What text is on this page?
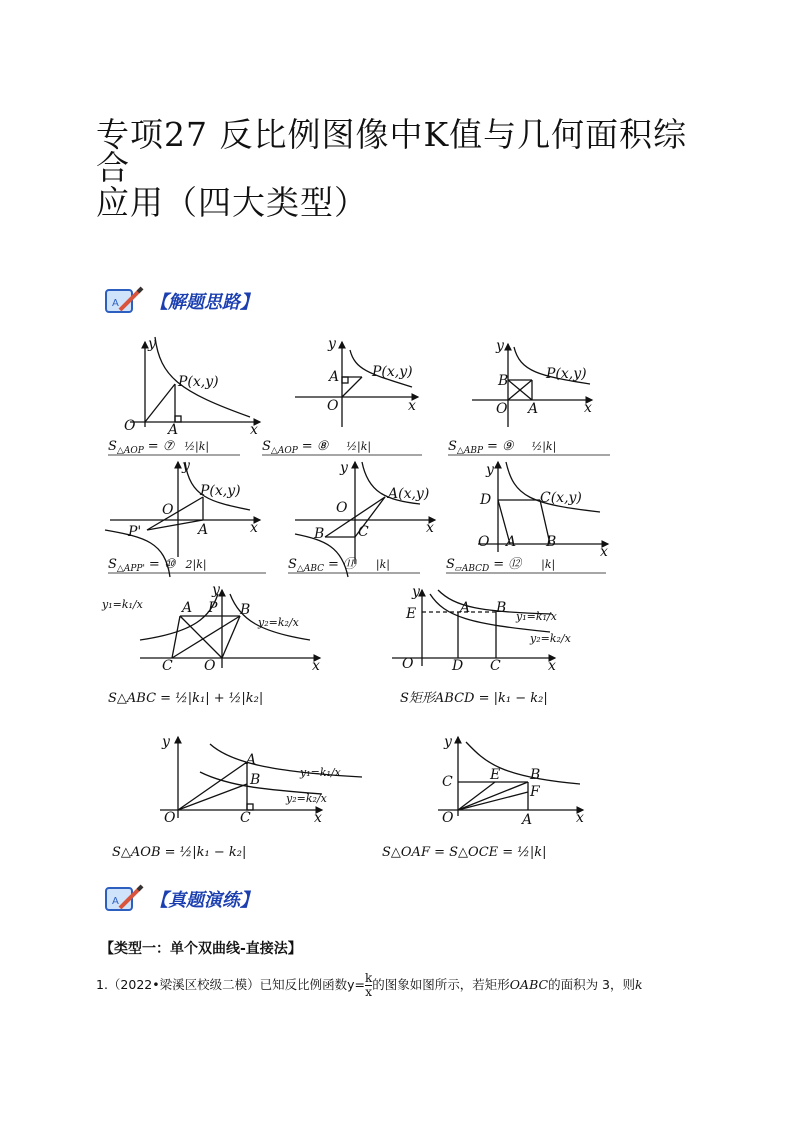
专项27 反比例图像中K值与几何面积综合
应用（四大类型）
A 【解题思路】
y
x
O A
P(x,y)
y
x
O
A P(x,y)
y
x
O
B
A
P(x,y)
y
x
O
A
P(x,y)
P'
y
x
O
A(x,y)
B C
y
x
D	C(x,y)
O A B
y
x
O
A	B
C
P
y₁=k₁/x
y₂=k₂/x
y
x
O
E	A B
D C
y₁=k₁/x
y₂=k₂/x
y
x
O
A
B
C
y₁=k₁/x
y₂=k₂/x
y
x
O
C	E B
F
A
$S_{\triangle AOP}$ = ⑦ ½|k|	$S_{\triangle AOP}$ = ⑧ ½|k|	$S_{\triangle ABP}$ = ⑨ ½|k|
$S_{\triangle APP'}$ = ⑩ 2|k|	$S_{\triangle ABC}$ = ⑪ |k|	$S_{▱ABCD}$ = ⑫ |k|
S△ABC = ½|k₁| + ½|k₂|	S矩形ABCD = |k₁ − k₂|
S△AOB = ½|k₁ − k₂|	S△OAF = S△OCE = ½|k|
A 【真题演练】
【类型一：单个双曲线-直接法】
1.（2022•梁溪区校级二模）已知反比例函数$y= \frac{k}{x}$ 的图象如图所示，若矩形OABC的面积为 3，则k
